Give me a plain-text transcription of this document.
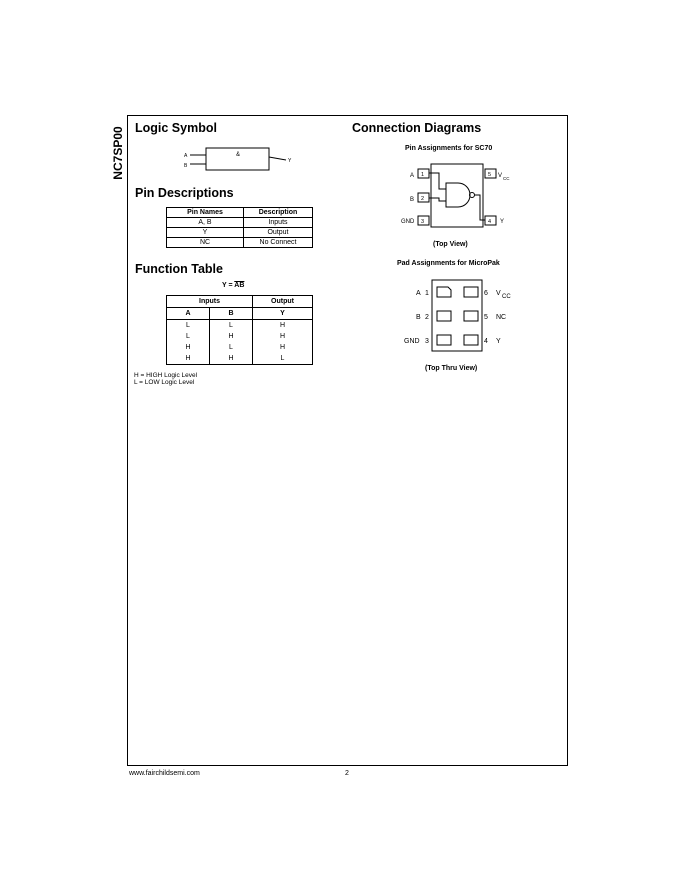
NC7SP00 Logic Symbol
A
B
&
Y
Pin Descriptions
Pin Names	Description
A, B	Inputs
Y	Output
NC	No Connect
Function Table
$Y = \overline{AB}$
Inputs		Output
A	B	Y
L	L	H
L	H	H
H	L	H
H	H	L
H = HIGH Logic Level
L = LOW Logic Level
Connection Diagrams
Pin Assignments for SC70
A 1
B 2
GND 3
5 V CC
4 Y
(Top View)
Pad Assignments for MicroPak
A 1
B 2
GND 3
6 V CC
5 NC
4 Y
(Top Thru View)
www.fairchildsemi.com	2
